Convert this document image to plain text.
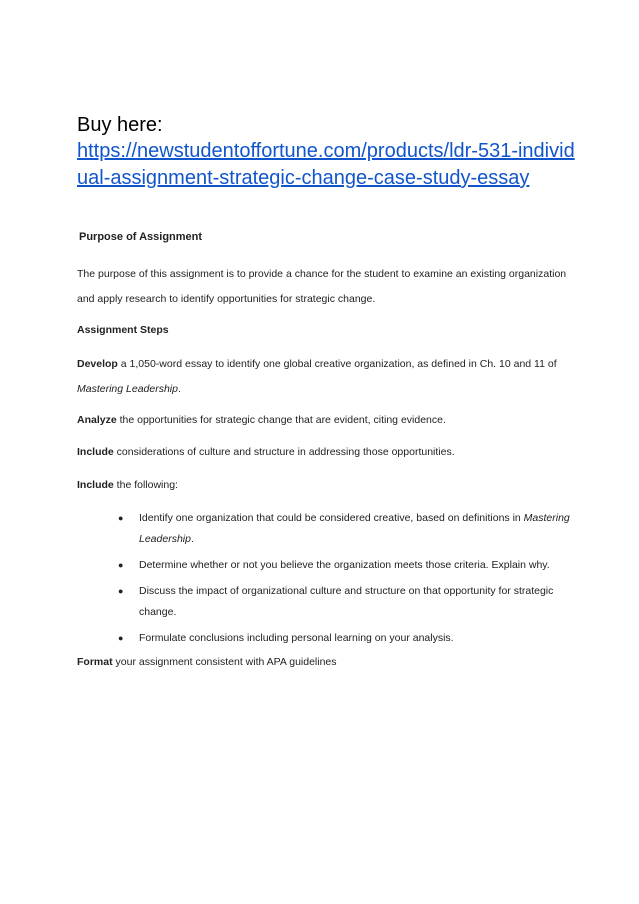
Buy here:

https://newstudentoffortune.com/products/ldr-531-individ
ual-assignment-strategic-change-case-study-essay

Purpose of Assignment

The purpose of this assignment is to provide a chance for the student to examine an existing organization

and apply research to identify opportunities for strategic change.

Assignment Steps

Develop a 1,050-word essay to identify one global creative organization, as defined in Ch. 10 and 11 of

Mastering Leadership.

Analyze the opportunities for strategic change that are evident, citing evidence.

Include considerations of culture and structure in addressing those opportunities.

Include the following:

● Identify one organization that could be considered creative, based on definitions in Mastering
Leadership.
● Determine whether or not you believe the organization meets those criteria. Explain why.
● Discuss the impact of organizational culture and structure on that opportunity for strategic
change.
● Formulate conclusions including personal learning on your analysis.

Format your assignment consistent with APA guidelines
